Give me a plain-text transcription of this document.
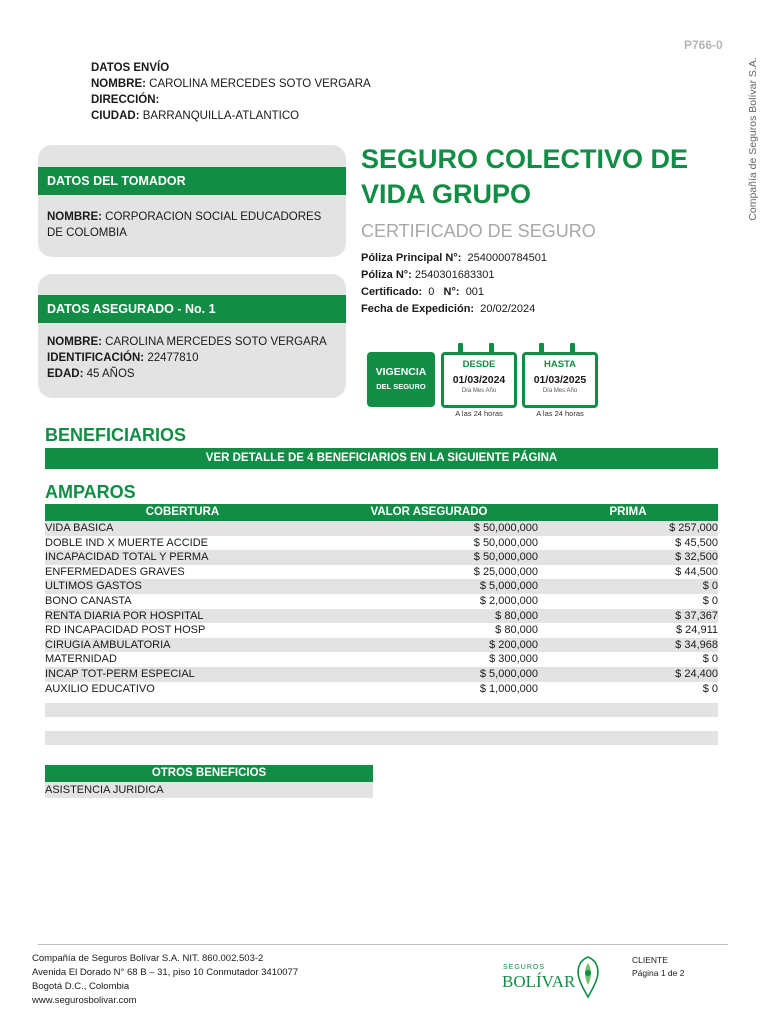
P766-0
Compañía de Seguros Bolívar S.A.
DATOS ENVÍO
NOMBRE: CAROLINA MERCEDES SOTO VERGARA
DIRECCIÓN:
CIUDAD: BARRANQUILLA-ATLANTICO
DATOS DEL TOMADOR
NOMBRE: CORPORACION SOCIAL EDUCADORES DE COLOMBIA
DATOS ASEGURADO - No. 1
NOMBRE: CAROLINA MERCEDES SOTO VERGARA
IDENTIFICACIÓN: 22477810
EDAD: 45 AÑOS
SEGURO COLECTIVO DE VIDA GRUPO
CERTIFICADO DE SEGURO
Póliza Principal N°: 2540000784501
Póliza N°: 2540301683301
Certificado: 0 N°: 001
Fecha de Expedición: 20/02/2024
VIGENCIA
DEL SEGURO
DESDE
01/03/2024
Día Mes Año
A las 24 horas
HASTA
01/03/2025
Día Mes Año
A las 24 horas
BENEFICIARIOS
VER DETALLE DE 4 BENEFICIARIOS EN LA SIGUIENTE PÁGINA
AMPAROS
COBERTURA	VALOR ASEGURADO	PRIMA
VIDA BASICA	$ 50,000,000	$ 257,000
DOBLE IND X MUERTE ACCIDE	$ 50,000,000	$ 45,500
INCAPACIDAD TOTAL Y PERMA	$ 50,000,000	$ 32,500
ENFERMEDADES GRAVES	$ 25,000,000	$ 44,500
ULTIMOS GASTOS	$ 5,000,000	$ 0
BONO CANASTA	$ 2,000,000	$ 0
RENTA DIARIA POR HOSPITAL	$ 80,000	$ 37,367
RD INCAPACIDAD POST HOSP	$ 80,000	$ 24,911
CIRUGIA AMBULATORIA	$ 200,000	$ 34,968
MATERNIDAD	$ 300,000	$ 0
INCAP TOT-PERM ESPECIAL	$ 5,000,000	$ 24,400
AUXILIO EDUCATIVO	$ 1,000,000	$ 0
OTROS BENEFICIOS
ASISTENCIA JURIDICA
Compañía de Seguros Bolívar S.A. NIT. 860.002.503-2
Avenida El Dorado N° 68 B – 31, piso 10 Conmutador 3410077
Bogotá D.C., Colombia
www.segurosbolivar.com
SEGUROS
BOLÍVAR
CLIENTE
Página 1 de 2
